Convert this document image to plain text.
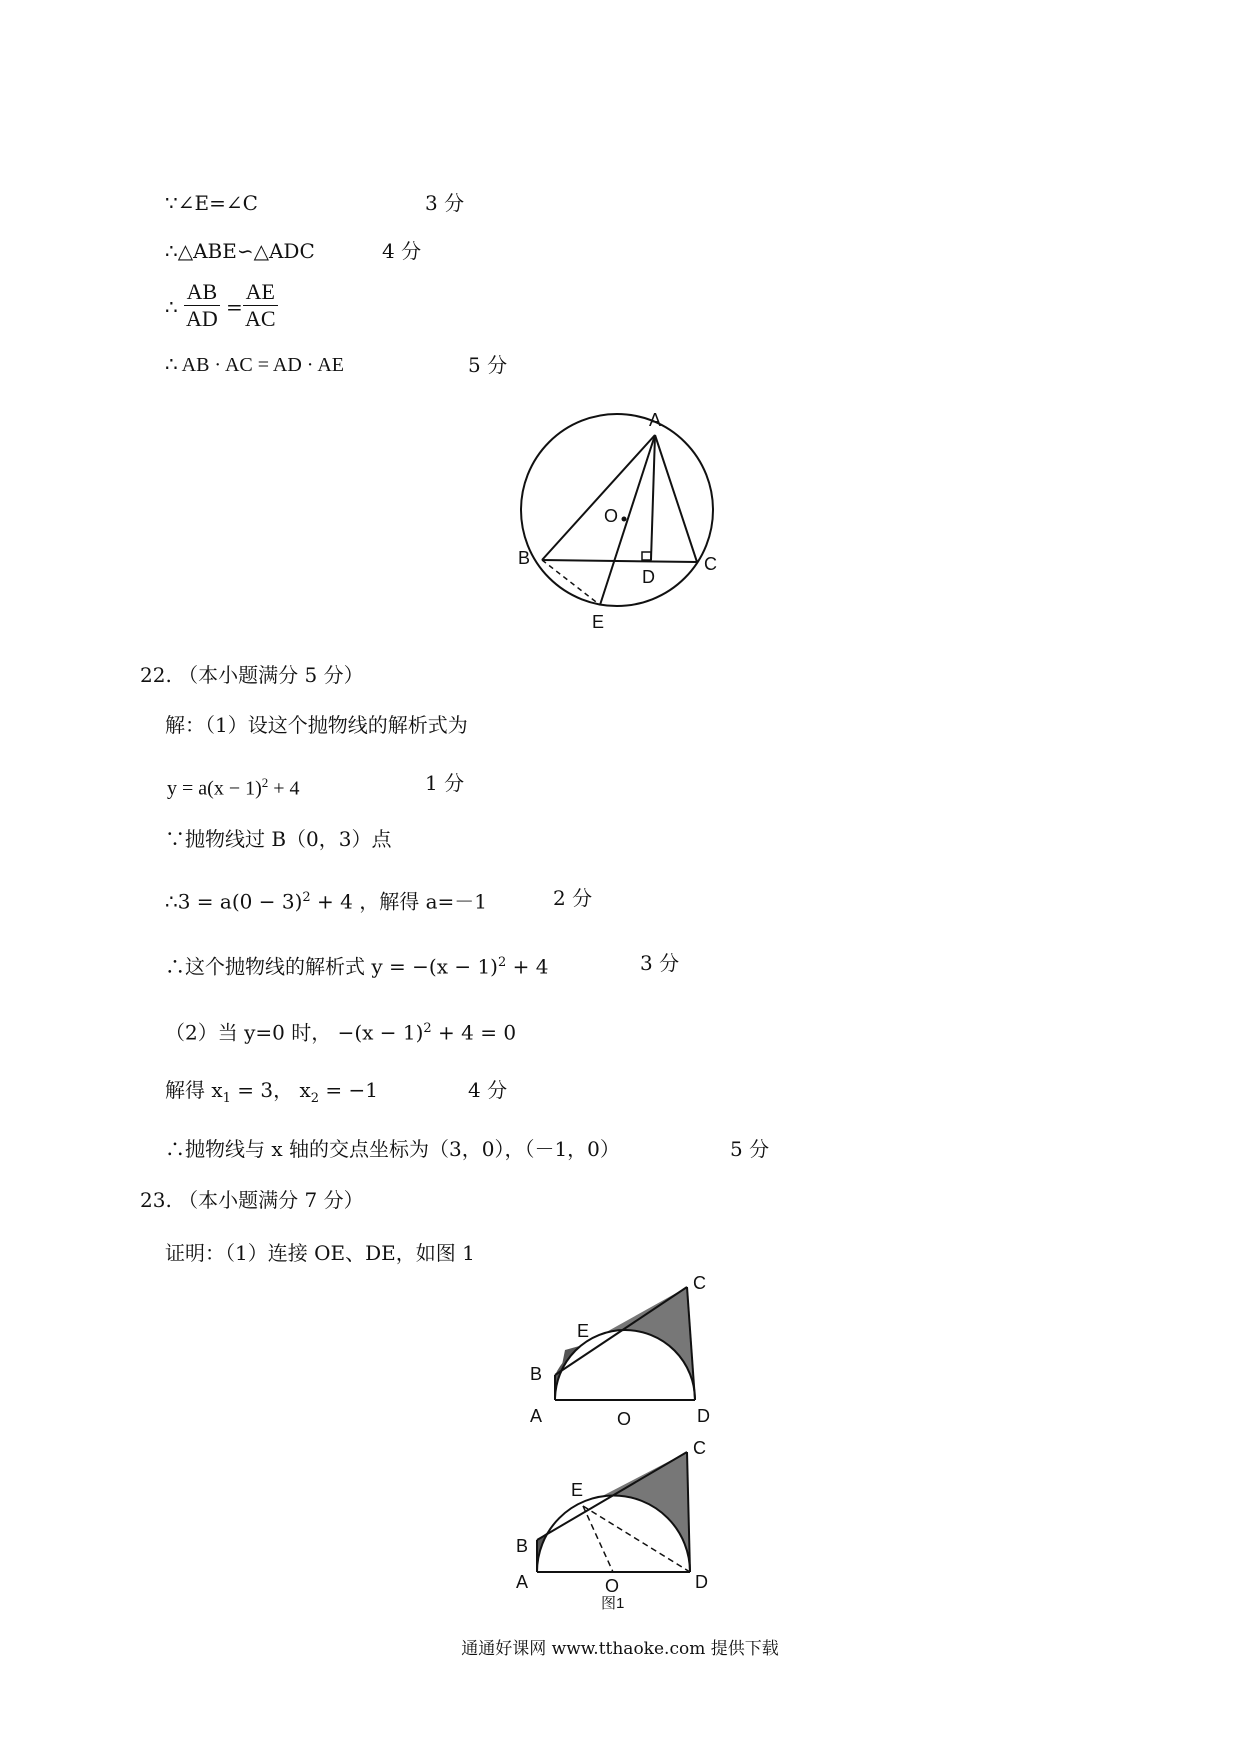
∵∠E=∠C	3 分
∴△ABE∽△ADC	4 分
∴ $\frac{AB}{AD} = \frac{AE}{AC}$
∴ AB · AC = AD · AE	5 分
A
B	C
D
E
O
22. （本小题满分 5 分）
解：（1）设这个抛物线的解析式为
$y = a(x - 1)^2 + 4$	1 分
∵抛物线过 B（0，3）点
∴3 = $a(0 - 3)^2 + 4$ ，解得 a=－1	2 分
∴这个抛物线的解析式 $y = -(x - 1)^2 + 4$	3 分
（2）当 y=0 时， $-(x - 1)^2 + 4 = 0$
解得 $x_1 = 3$， $x_2 = -1$	4 分
∴抛物线与 x 轴的交点坐标为（3，0），（－1，0）	5 分
23. （本小题满分 7 分）
证明：（1）连接 OE、DE，如图 1
C
E
B
A	O	D
C
E
B
A	O	D
图1
通通好课网 www.tthaoke.com 提供下载
